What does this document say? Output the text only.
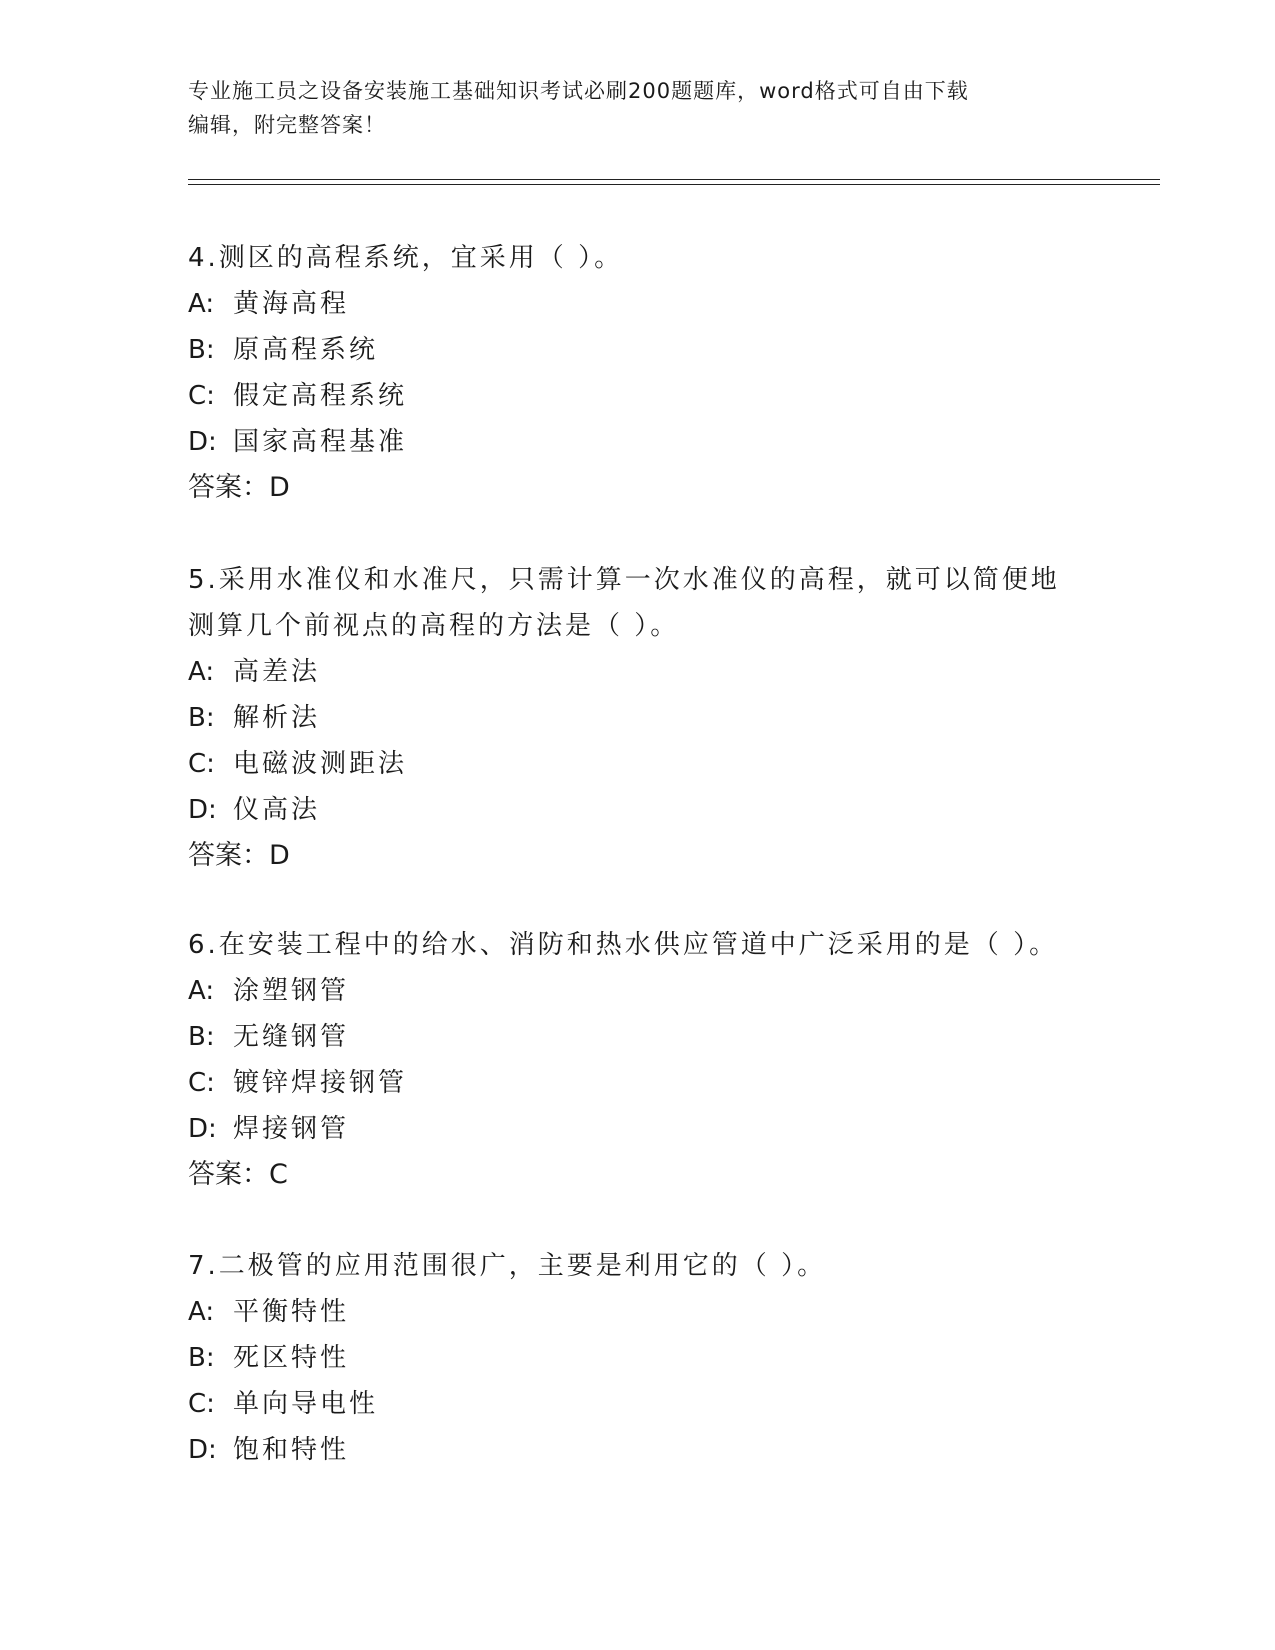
专业施工员之设备安装施工基础知识考试必刷200题题库，word格式可自由下载
编辑，附完整答案！
4.测区的高程系统，宜采用（ ）。
A: 黄海高程
B: 原高程系统
C: 假定高程系统
D: 国家高程基准
答案：D
5.采用水准仪和水准尺，只需计算一次水准仪的高程，就可以简便地
测算几个前视点的高程的方法是（ ）。
A: 高差法
B: 解析法
C: 电磁波测距法
D: 仪高法
答案：D
6.在安装工程中的给水、消防和热水供应管道中广泛采用的是（ ）。
A: 涂塑钢管
B: 无缝钢管
C: 镀锌焊接钢管
D: 焊接钢管
答案：C
7.二极管的应用范围很广，主要是利用它的（ ）。
A: 平衡特性
B: 死区特性
C: 单向导电性
D: 饱和特性
